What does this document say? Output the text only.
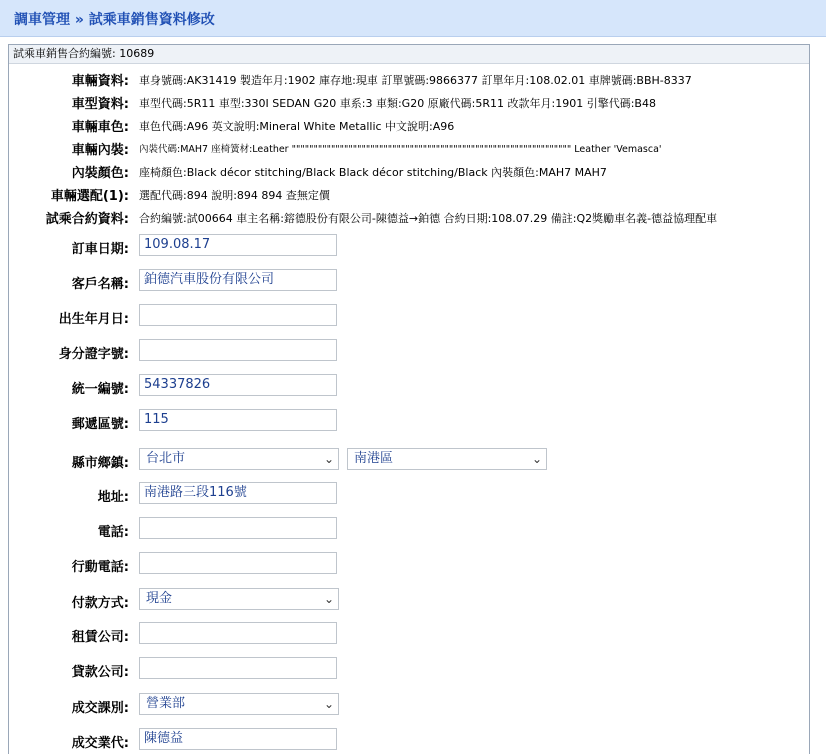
調車管理 » 試乘車銷售資料修改
試乘車銷售合約編號: 10689
車輛資料: 車身號碼:AK31419 製造年月:1902 庫存地:現車 訂單號碼:9866377 訂單年月:108.02.01 車牌號碼:BBH-8337
車型資料: 車型代碼:5R11 車型:330I SEDAN G20 車系:3 車類:G20 原廠代碼:5R11 改款年月:1901 引擎代碼:B48
車輛車色: 車色代碼:A96 英文說明:Mineral White Metallic 中文說明:A96
車輛內裝: 內裝代碼:MAH7 座椅簧材:Leather """""""""""""""""""""""""""""""""""""""""""""""""""""""""""""""" Leather 'Vemasca'
內裝顏色: 座椅顏色:Black décor stitching/Black Black décor stitching/Black 內裝顏色:MAH7 MAH7
車輛選配(1): 選配代碼:894 說明:894 894 查無定價
試乘合約資料: 合約編號:試00664 車主名稱:鎔德股份有限公司-陳德益→鉑德 合約日期:108.07.29 備註:Q2獎勵車名義-德益協理配車
訂車日期:	109.08.17
客戶名稱:	鉑德汽車股份有限公司
出生年月日:
身分證字號:
統一編號:	54337826
郵遞區號:	115
縣市鄉鎮:	台北市	⌄	南港區	⌄
地址:	南港路三段116號
電話:
行動電話:
付款方式:	現金	⌄
租賃公司:
貸款公司:
成交課別:	營業部	⌄
成交業代:	陳德益
